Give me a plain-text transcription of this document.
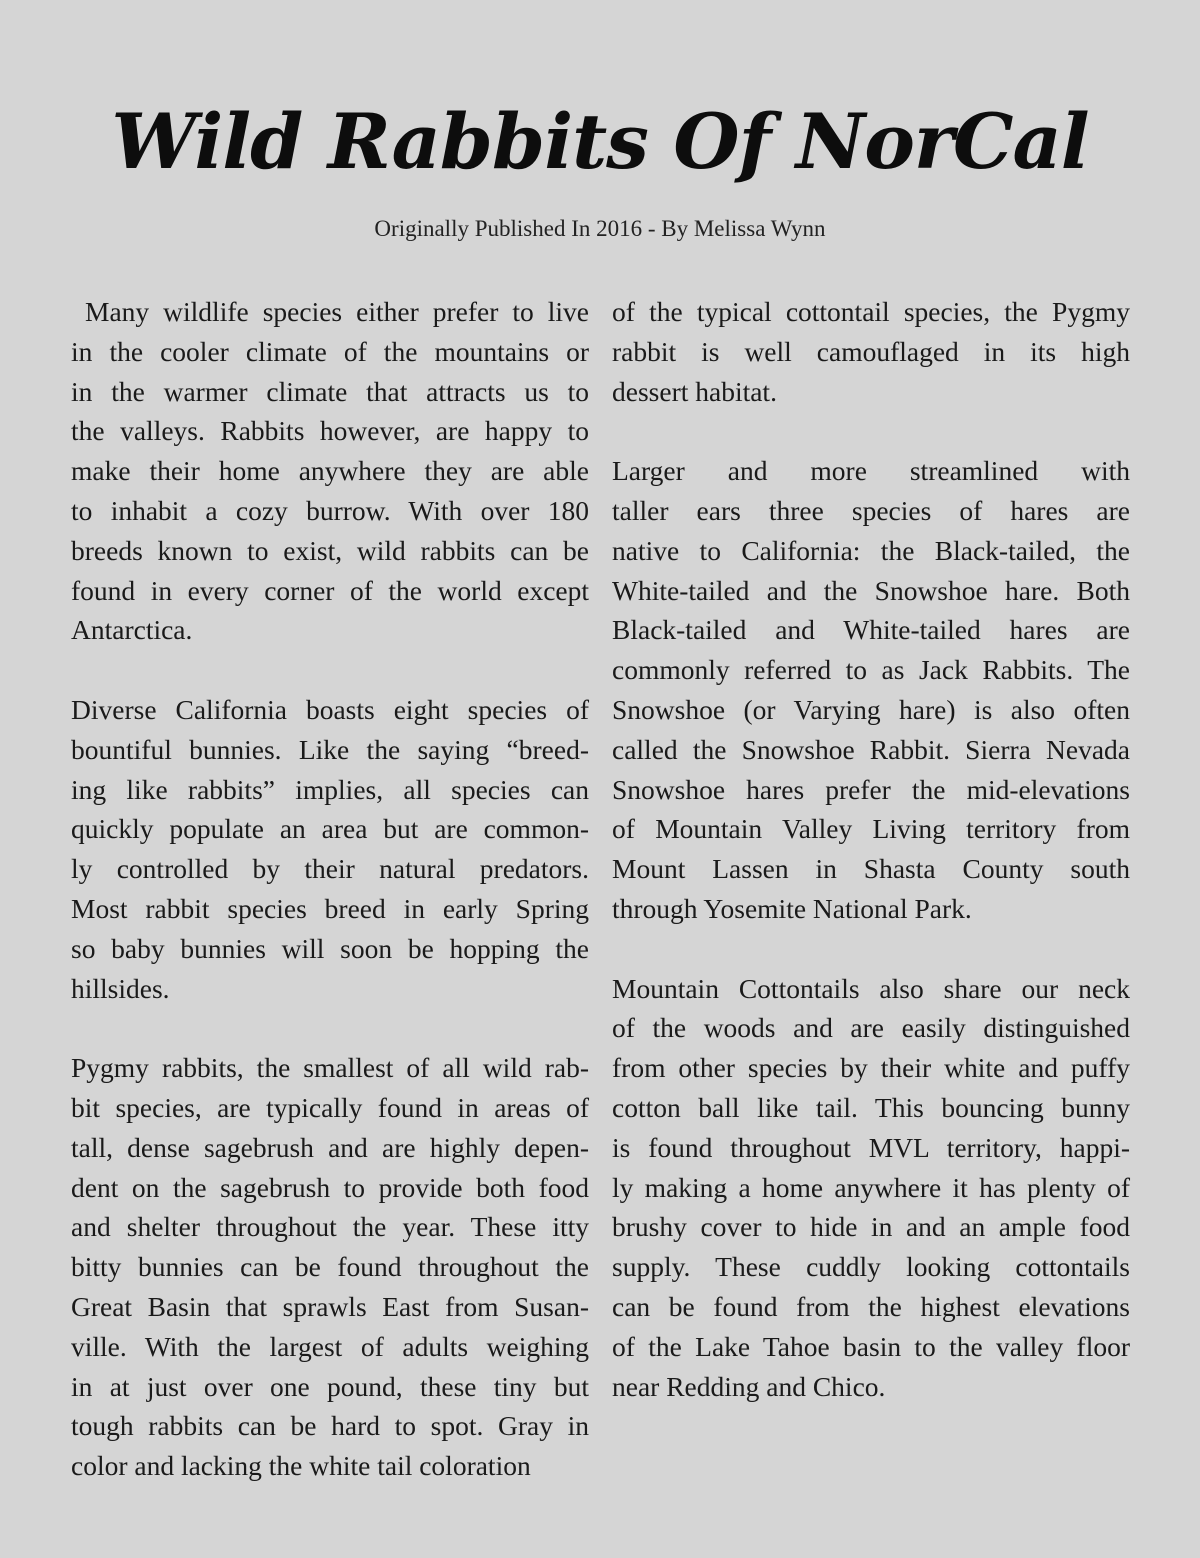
Wild Rabbits Of NorCal

Originally Published In 2016 - By Melissa Wynn

Many wildlife species either prefer to live
in the cooler climate of the mountains or
in the warmer climate that attracts us to
the valleys. Rabbits however, are happy to
make their home anywhere they are able
to inhabit a cozy burrow. With over 180
breeds known to exist, wild rabbits can be
found in every corner of the world except
Antarctica.

Diverse California boasts eight species of
bountiful bunnies. Like the saying “breed-
ing like rabbits” implies, all species can
quickly populate an area but are common-
ly controlled by their natural predators.
Most rabbit species breed in early Spring
so baby bunnies will soon be hopping the
hillsides.

Pygmy rabbits, the smallest of all wild rab-
bit species, are typically found in areas of
tall, dense sagebrush and are highly depen-
dent on the sagebrush to provide both food
and shelter throughout the year. These itty
bitty bunnies can be found throughout the
Great Basin that sprawls East from Susan-
ville. With the largest of adults weighing
in at just over one pound, these tiny but
tough rabbits can be hard to spot. Gray in
color and lacking the white tail coloration

of the typical cottontail species, the Pygmy
rabbit is well camouflaged in its high
dessert habitat.

Larger and more streamlined with
taller ears three species of hares are
native to California: the Black-tailed, the
White-tailed and the Snowshoe hare. Both
Black-tailed and White-tailed hares are
commonly referred to as Jack Rabbits. The
Snowshoe (or Varying hare) is also often
called the Snowshoe Rabbit. Sierra Nevada
Snowshoe hares prefer the mid-elevations
of Mountain Valley Living territory from
Mount Lassen in Shasta County south
through Yosemite National Park.

Mountain Cottontails also share our neck
of the woods and are easily distinguished
from other species by their white and puffy
cotton ball like tail. This bouncing bunny
is found throughout MVL territory, happi-
ly making a home anywhere it has plenty of
brushy cover to hide in and an ample food
supply. These cuddly looking cottontails
can be found from the highest elevations
of the Lake Tahoe basin to the valley floor
near Redding and Chico.
